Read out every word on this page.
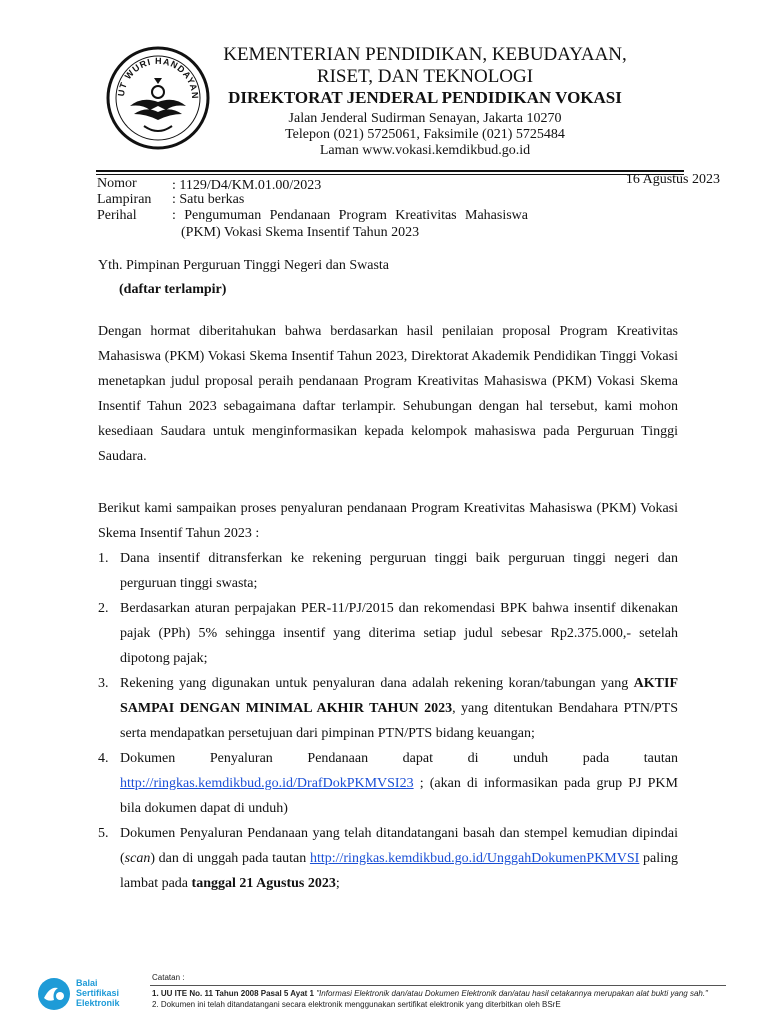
UT WURI HANDAYAN
KEMENTERIAN PENDIDIKAN, KEBUDAYAAN,
RISET, DAN TEKNOLOGI
DIREKTORAT JENDERAL PENDIDIKAN VOKASI
Jalan Jenderal Sudirman Senayan, Jakarta 10270
Telepon (021) 5725061, Faksimile (021) 5725484
Laman www.vokasi.kemdikbud.go.id
Nomor	: 1129/D4/KM.01.00/2023
Lampiran : Satu berkas
Perihal	: Pengumuman Pendanaan Program Kreativitas Mahasiswa
(PKM) Vokasi Skema Insentif Tahun 2023
16 Agustus 2023
Yth. Pimpinan Perguruan Tinggi Negeri dan Swasta
(daftar terlampir)
Dengan hormat diberitahukan bahwa berdasarkan hasil penilaian proposal Program Kreativitas Mahasiswa (PKM) Vokasi Skema Insentif Tahun 2023, Direktorat Akademik Pendidikan Tinggi Vokasi menetapkan judul proposal peraih pendanaan Program Kreativitas Mahasiswa (PKM) Vokasi Skema Insentif Tahun 2023 sebagaimana daftar terlampir. Sehubungan dengan hal tersebut, kami mohon kesediaan Saudara untuk menginformasikan kepada kelompok mahasiswa pada Perguruan Tinggi Saudara.
Berikut kami sampaikan proses penyaluran pendanaan Program Kreativitas Mahasiswa (PKM) Vokasi Skema Insentif Tahun 2023 :
1. Dana insentif ditransferkan ke rekening perguruan tinggi baik perguruan tinggi negeri dan perguruan tinggi swasta;
2. Berdasarkan aturan perpajakan PER-11/PJ/2015 dan rekomendasi BPK bahwa insentif dikenakan pajak (PPh) 5% sehingga insentif yang diterima setiap judul sebesar Rp2.375.000,- setelah dipotong pajak;
3. Rekening yang digunakan untuk penyaluran dana adalah rekening koran/tabungan yang AKTIF SAMPAI DENGAN MINIMAL AKHIR TAHUN 2023, yang ditentukan Bendahara PTN/PTS serta mendapatkan persetujuan dari pimpinan PTN/PTS bidang keuangan;
4. Dokumen Penyaluran Pendanaan dapat di unduh pada tautan
http://ringkas.kemdikbud.go.id/DrafDokPKMVSI23 ; (akan di informasikan pada grup PJ PKM bila dokumen dapat di unduh)
5. Dokumen Penyaluran Pendanaan yang telah ditandatangani basah dan stempel kemudian dipindai (scan) dan di unggah pada tautan http://ringkas.kemdikbud.go.id/UnggahDokumenPKMVSI paling lambat pada tanggal 21 Agustus 2023;
Balai
Sertifikasi
Elektronik
Catatan :
1. UU ITE No. 11 Tahun 2008 Pasal 5 Ayat 1 "Informasi Elektronik dan/atau Dokumen Elektronik dan/atau hasil cetakannya merupakan alat bukti yang sah."
2. Dokumen ini telah ditandatangani secara elektronik menggunakan sertifikat elektronik yang diterbitkan oleh BSrE
